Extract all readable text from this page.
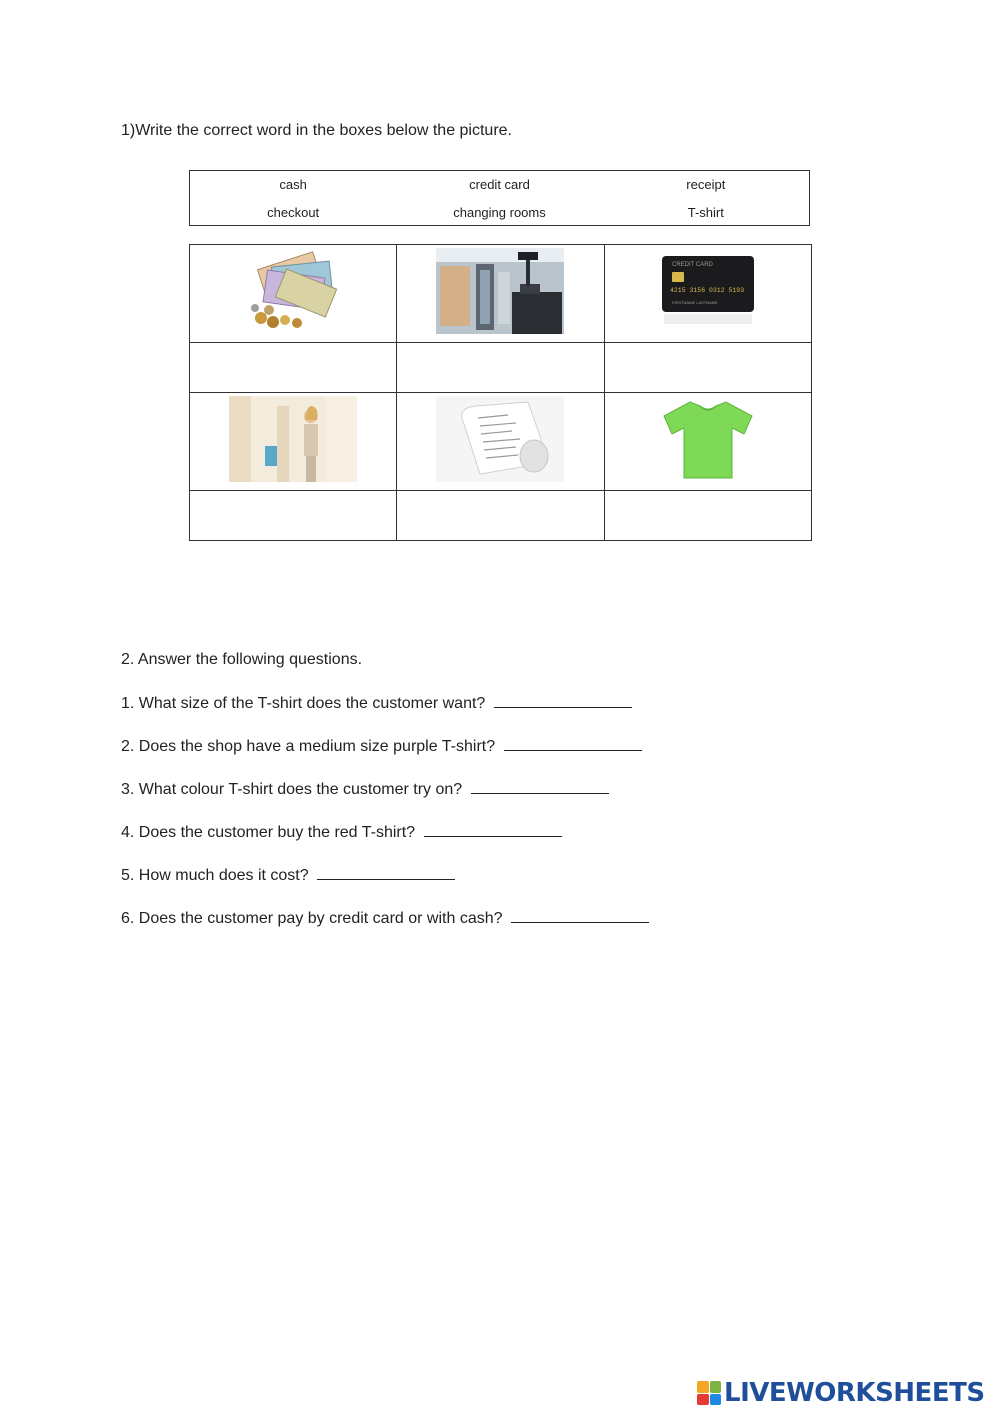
1)Write the correct word in the boxes below the picture.
cash	credit card	receipt
checkout	changing rooms	T-shirt

CREDIT CARD
4215 3156 0312 5193
FIRSTNAME LASTNAME

2. Answer the following questions.
1. What size of the T-shirt does the customer want?
2. Does the shop have a medium size purple T-shirt?
3. What colour T-shirt does the customer try on?
4. Does the customer buy the red T-shirt?
5. How much does it cost?
6. Does the customer pay by credit card or with cash?
LIVEWORKSHEETS
